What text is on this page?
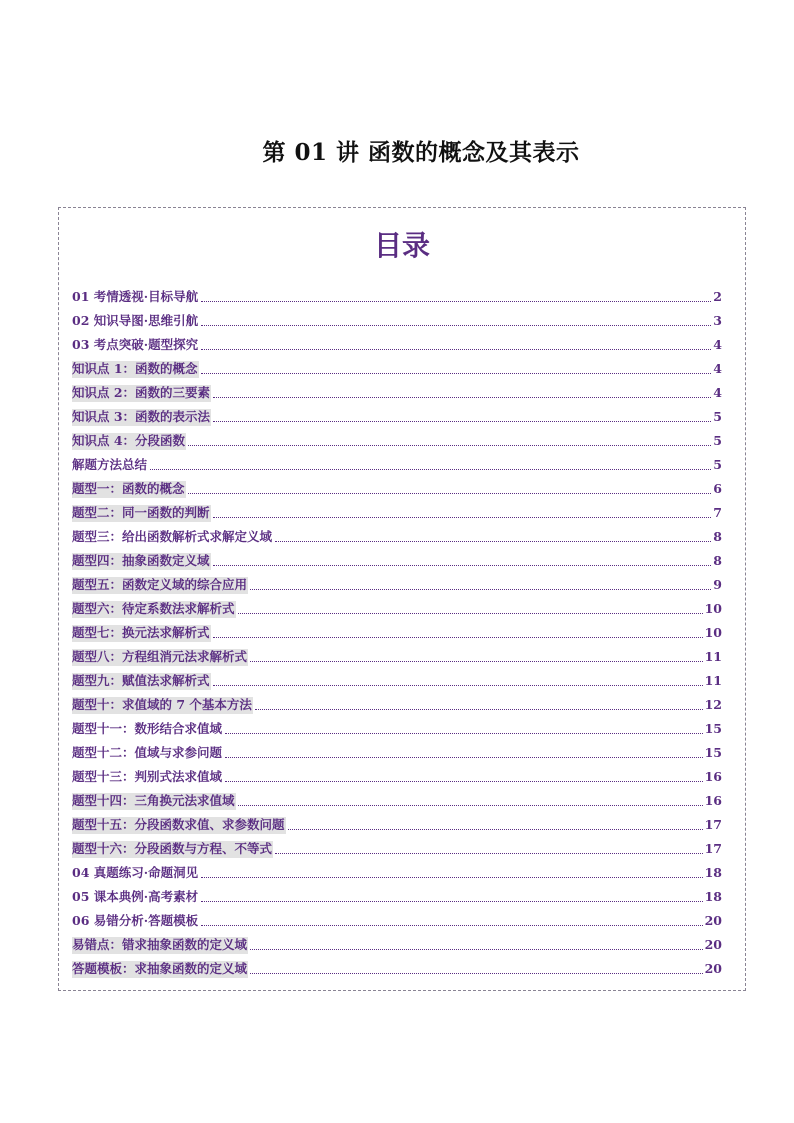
第 01 讲 函数的概念及其表示
目录
01 考情透视·目标导航	2
02 知识导图·思维引航	3
03 考点突破·题型探究	4
知识点 1：函数的概念	4
知识点 2：函数的三要素	4
知识点 3：函数的表示法	5
知识点 4：分段函数	5
解题方法总结	5
题型一：函数的概念	6
题型二：同一函数的判断	7
题型三：给出函数解析式求解定义域	8
题型四：抽象函数定义域	8
题型五：函数定义域的综合应用	9
题型六：待定系数法求解析式	10
题型七：换元法求解析式	10
题型八：方程组消元法求解析式	11
题型九：赋值法求解析式	11
题型十：求值域的 7 个基本方法	12
题型十一：数形结合求值域	15
题型十二：值域与求参问题	15
题型十三：判别式法求值域	16
题型十四：三角换元法求值域	16
题型十五：分段函数求值、求参数问题	17
题型十六：分段函数与方程、不等式	17
04 真题练习·命题洞见	18
05 课本典例·高考素材	18
06 易错分析·答题模板	20
易错点：错求抽象函数的定义域	20
答题模板：求抽象函数的定义域	20
